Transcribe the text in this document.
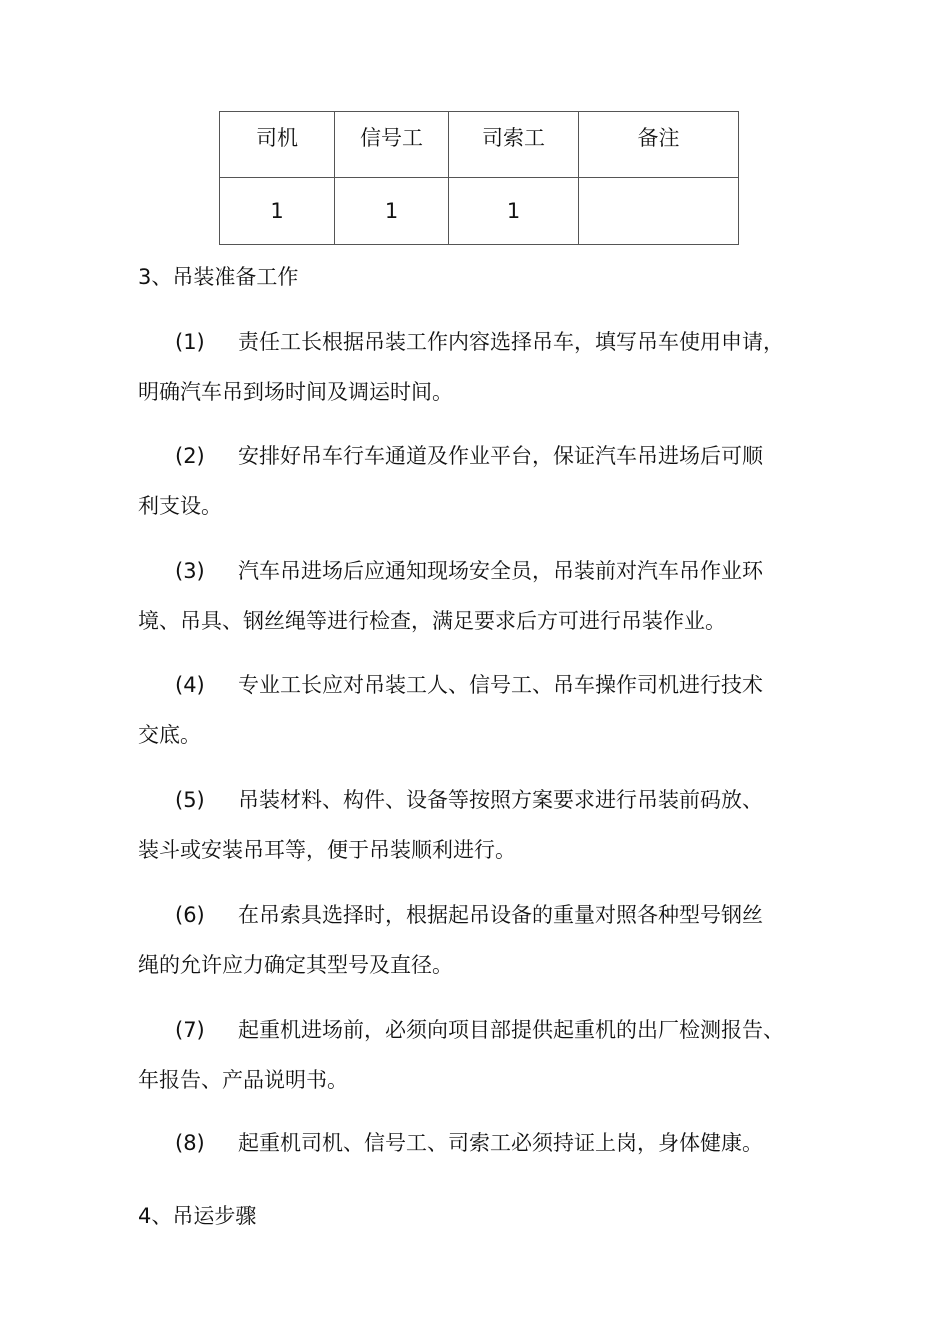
司机	信号工	司索工	备注
1	1	1	
3、吊装准备工作
(1) 责任工长根据吊装工作内容选择吊车，填写吊车使用申请，
明确汽车吊到场时间及调运时间。
(2) 安排好吊车行车通道及作业平台，保证汽车吊进场后可顺
利支设。
(3) 汽车吊进场后应通知现场安全员，吊装前对汽车吊作业环
境、吊具、钢丝绳等进行检查，满足要求后方可进行吊装作业。
(4) 专业工长应对吊装工人、信号工、吊车操作司机进行技术
交底。
(5) 吊装材料、构件、设备等按照方案要求进行吊装前码放、
装斗或安装吊耳等，便于吊装顺利进行。
(6) 在吊索具选择时，根据起吊设备的重量对照各种型号钢丝
绳的允许应力确定其型号及直径。
(7) 起重机进场前，必须向项目部提供起重机的出厂检测报告、
年报告、产品说明书。
(8) 起重机司机、信号工、司索工必须持证上岗，身体健康。
4、吊运步骤
